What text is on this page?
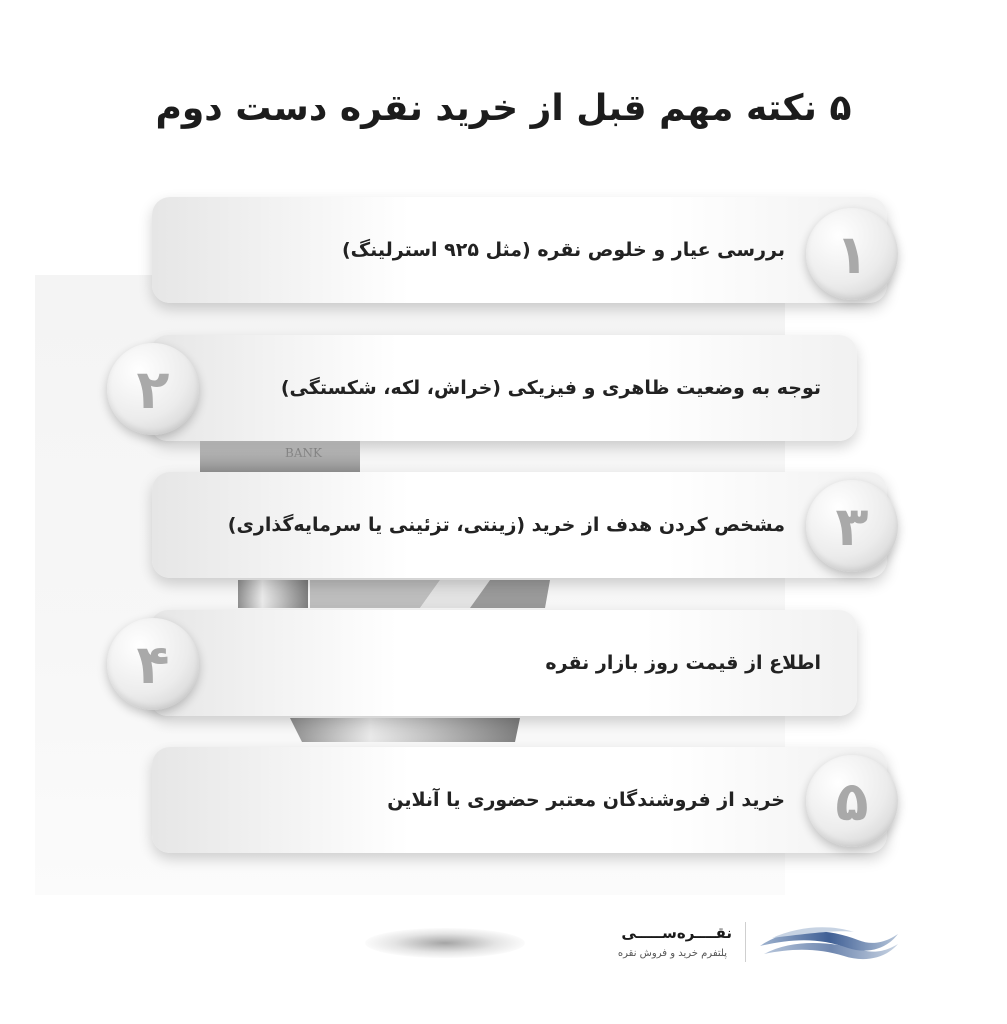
BANK
۵ نکته مهم قبل از خرید نقره دست دوم
بررسی عیار و خلوص نقره (مثل ۹۲۵ استرلینگ) ۱
توجه به وضعیت ظاهری و فیزیکی (خراش، لکه، شکستگی)
۲
مشخص کردن هدف از خرید (زینتی، تزئینی یا سرمایه‌گذاری) ۳
اطلاع از قیمت روز بازار نقره
۴
خرید از فروشندگان معتبر حضوری یا آنلاین ۵
نقــــره‌ســـــی
پلتفرم خرید و فروش نقره
